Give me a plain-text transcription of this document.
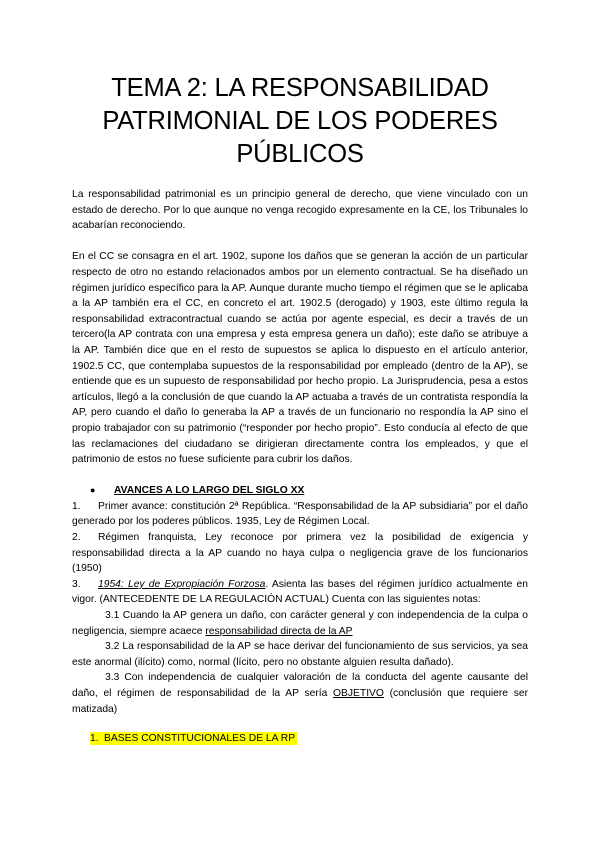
TEMA 2: LA RESPONSABILIDAD
PATRIMONIAL DE LOS PODERES
PÚBLICOS

La responsabilidad patrimonial es un principio general de derecho, que viene vinculado con un estado de derecho. Por lo que aunque no venga recogido expresamente en la CE, los Tribunales lo acabarían reconociendo.

En el CC se consagra en el art. 1902, supone los daños que se generan la acción de un particular respecto de otro no estando relacionados ambos por un elemento contractual. Se ha diseñado un régimen jurídico específico para la AP. Aunque durante mucho tiempo el régimen que se le aplicaba a la AP también era el CC, en concreto el art. 1902.5 (derogado) y 1903, este último regula la responsabilidad extracontractual cuando se actúa por agente especial, es decir a través de un tercero(la AP contrata con una empresa y esta empresa genera un daño); este daño se atribuye a la AP. También dice que en el resto de supuestos se aplica lo dispuesto en el artículo anterior, 1902.5 CC, que contemplaba supuestos de la responsabilidad por empleado (dentro de la AP), se entiende que es un supuesto de responsabilidad por hecho propio. La Jurisprudencia, pesa a estos artículos, llegó a la conclusión de que cuando la AP actuaba a través de un contratista respondía la AP, pero cuando el daño lo generaba la AP a través de un funcionario no respondía la AP sino el propio trabajador con su patrimonio (“responder por hecho propio”. Esto conducía al efecto de que las reclamaciones del ciudadano se dirigieran directamente contra los empleados, y que el patrimonio de estos no fuese suficiente para cubrir los daños.

●	AVANCES A LO LARGO DEL SIGLO XX
1. Primer avance: constitución 2ª República. “Responsabilidad de la AP subsidiaria” por el daño generado por los poderes públicos. 1935, Ley de Régimen Local.
2. Régimen franquista, Ley reconoce por primera vez la posibilidad de exigencia y responsabilidad directa a la AP cuando no haya culpa o negligencia grave de los funcionarios (1950)
3. 1954: Ley de Expropiación Forzosa. Asienta las bases del régimen jurídico actualmente en vigor. (ANTECEDENTE DE LA REGULACIÓN ACTUAL) Cuenta con las siguientes notas:

3.1 Cuando la AP genera un daño, con carácter general y con independencia de la culpa o negligencia, siempre acaece responsabilidad directa de la AP

3.2 La responsabilidad de la AP se hace derivar del funcionamiento de sus servicios, ya sea este anormal (ilícito) como, normal (lícito, pero no obstante alguien resulta dañado).

3.3 Con independencia de cualquier valoración de la conducta del agente causante del daño, el régimen de responsabilidad de la AP sería OBJETIVO (conclusión que requiere ser matizada)

1. BASES CONSTITUCIONALES DE LA RP
